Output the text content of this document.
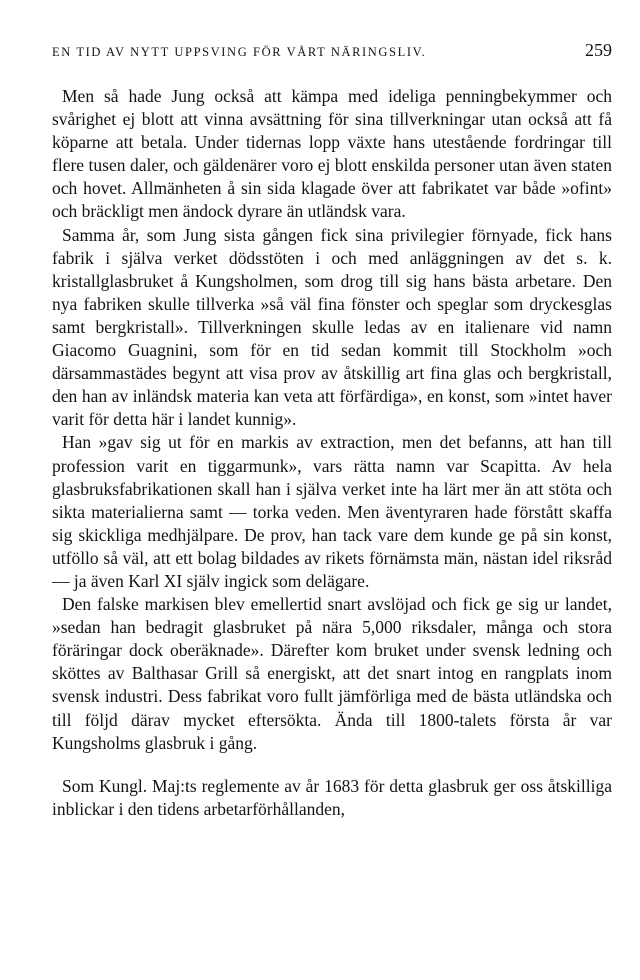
EN TID AV NYTT UPPSVING FÖR VÅRT NÄRINGSLIV.	259

Men så hade Jung också att kämpa med ideliga penningbekymmer och svårighet ej blott att vinna avsättning för sina tillverkningar utan också att få köparne att betala. Under tidernas lopp växte hans utestående fordringar till flere tusen daler, och gäldenärer voro ej blott enskilda personer utan även staten och hovet. Allmänheten å sin sida klagade över att fabrikatet var både »ofint» och bräckligt men ändock dyrare än utländsk vara.

Samma år, som Jung sista gången fick sina privilegier förnyade, fick hans fabrik i själva verket dödsstöten i och med anläggningen av det s. k. kristallglasbruket å Kungsholmen, som drog till sig hans bästa arbetare. Den nya fabriken skulle tillverka »så väl fina fönster och speglar som dryckesglas samt bergkristall». Tillverkningen skulle ledas av en italienare vid namn Giacomo Guagnini, som för en tid sedan kommit till Stockholm »och därsammastädes begynt att visa prov av åtskillig art fina glas och bergkristall, den han av inländsk materia kan veta att förfärdiga», en konst, som »intet haver varit för detta här i landet kunnig».

Han »gav sig ut för en markis av extraction, men det befanns, att han till profession varit en tiggarmunk», vars rätta namn var Scapitta. Av hela glasbruksfabrikationen skall han i själva verket inte ha lärt mer än att stöta och sikta materialierna samt — torka veden. Men äventyraren hade förstått skaffa sig skickliga medhjälpare. De prov, han tack vare dem kunde ge på sin konst, utföllo så väl, att ett bolag bildades av rikets förnämsta män, nästan idel riksråd — ja även Karl XI själv ingick som delägare.

Den falske markisen blev emellertid snart avslöjad och fick ge sig ur landet, »sedan han bedragit glasbruket på nära 5,000 riksdaler, många och stora föräringar dock oberäknade». Därefter kom bruket under svensk ledning och sköttes av Balthasar Grill så energiskt, att det snart intog en rangplats inom svensk industri. Dess fabrikat voro fullt jämförliga med de bästa utländska och till följd därav mycket eftersökta. Ända till 1800-talets första år var Kungsholms glasbruk i gång.

Som Kungl. Maj:ts reglemente av år 1683 för detta glasbruk ger oss åtskilliga inblickar i den tidens arbetarförhållanden,
